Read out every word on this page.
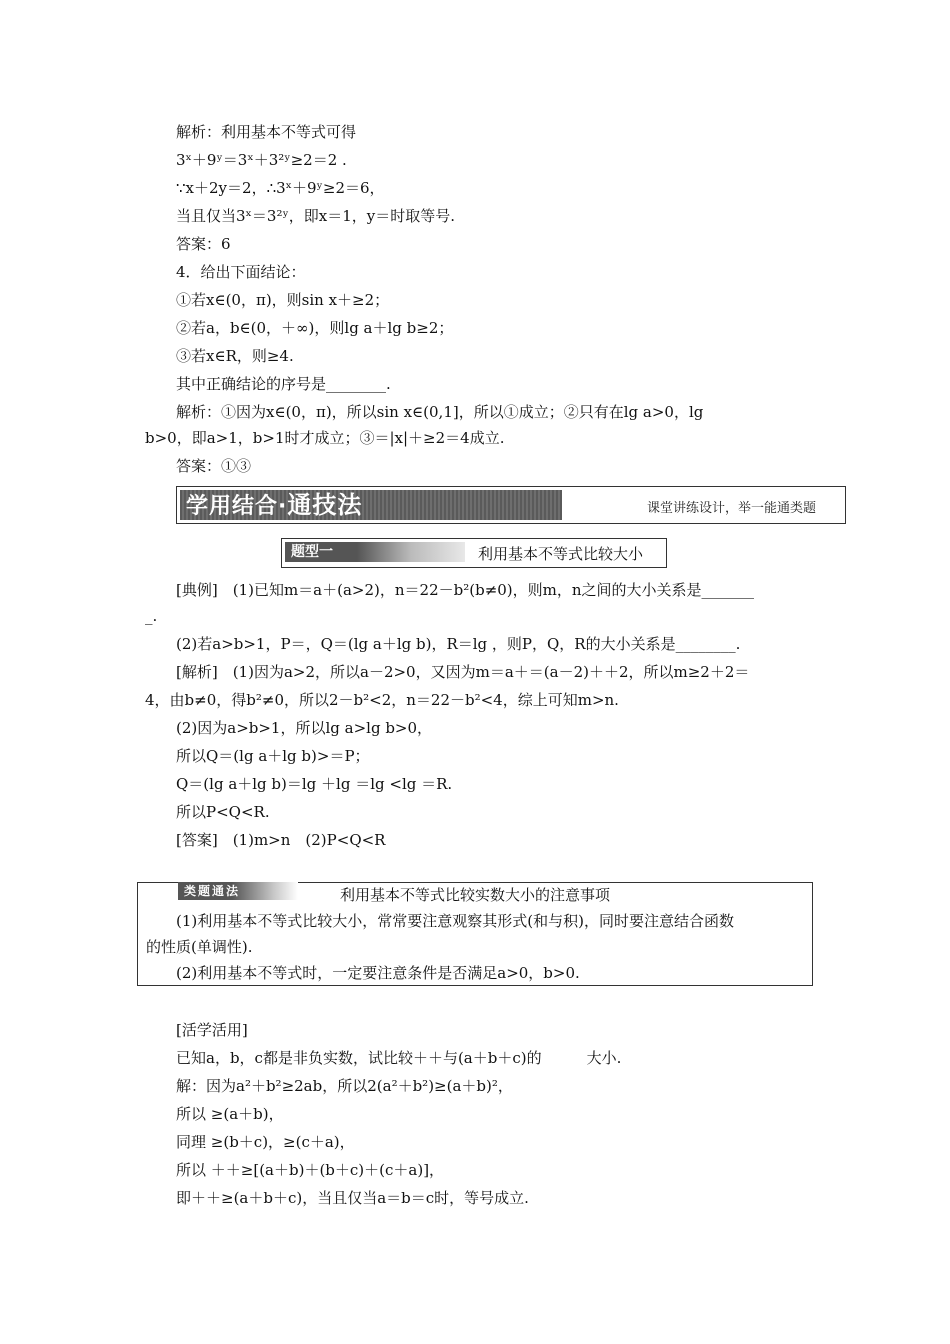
解析：利用基本不等式可得
3ˣ＋9ʸ＝3ˣ＋3²ʸ≥2＝2 .
∵x＋2y＝2，∴3ˣ＋9ʸ≥2＝6，
当且仅当3ˣ＝3²ʸ，即x＝1，y＝时取等号.
答案：6
4．给出下面结论：
①若x∈(0，π)，则sin x＋≥2；
②若a，b∈(0，＋∞)，则lg a＋lg b≥2；
③若x∈R，则≥4.
其中正确结论的序号是________.
解析：①因为x∈(0，π)，所以sin x∈(0,1]，所以①成立；②只有在lg a>0，lg
b>0，即a>1，b>1时才成立；③＝|x|＋≥2＝4成立.
答案：①③
学用结合·通技法	课堂讲练设计，举一能通类题
题型一	利用基本不等式比较大小
[典例]　(1)已知m＝a＋(a>2)，n＝22－b²(b≠0)，则m，n之间的大小关系是_______
_.
(2)若a>b>1，P＝，Q＝(lg a＋lg b)，R＝lg ，则P，Q，R的大小关系是________.
[解析]　(1)因为a>2，所以a－2>0，又因为m＝a＋＝(a－2)＋＋2，所以m≥2＋2＝
4，由b≠0，得b²≠0，所以2－b²<2，n＝22－b²<4，综上可知m>n.
(2)因为a>b>1，所以lg a>lg b>0，
所以Q＝(lg a＋lg b)>＝P；
Q＝(lg a＋lg b)＝lg ＋lg ＝lg <lg ＝R.
所以P<Q<R.
[答案]　(1)m>n　(2)P<Q<R
类题通法	利用基本不等式比较实数大小的注意事项
(1)利用基本不等式比较大小，常常要注意观察其形式(和与积)，同时要注意结合函数
的性质(单调性).
(2)利用基本不等式时，一定要注意条件是否满足a>0，b>0.
[活学活用]
已知a，b，c都是非负实数，试比较＋＋与(a＋b＋c)的　　　大小.
解：因为a²＋b²≥2ab，所以2(a²＋b²)≥(a＋b)²，
所以 ≥(a＋b)，
同理 ≥(b＋c)，≥(c＋a)，
所以 ＋＋≥[(a＋b)＋(b＋c)＋(c＋a)]，
即＋＋≥(a＋b＋c)，当且仅当a＝b＝c时，等号成立.
